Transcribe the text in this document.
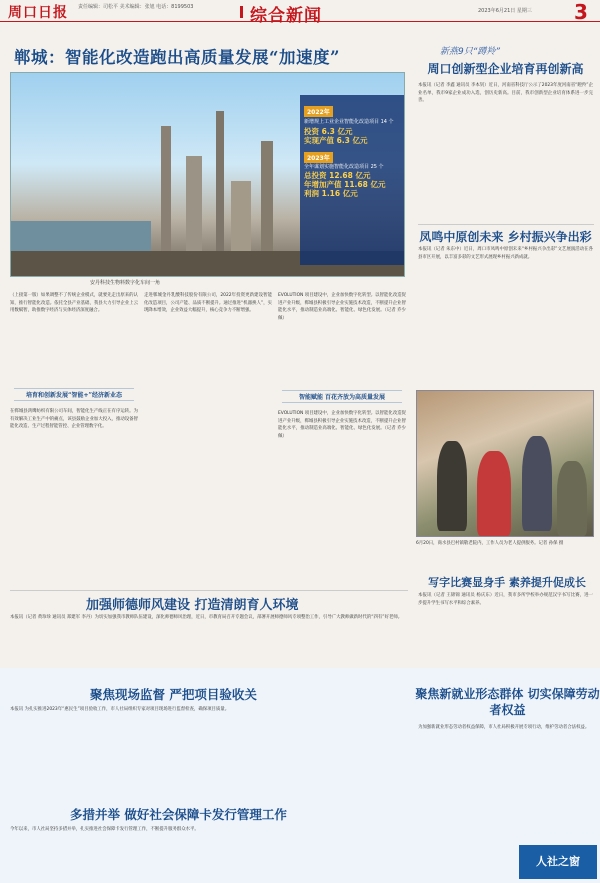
周口日报 责任编辑：司松平 美术编辑：张旭 电话：8199503	综合新闻	2023年6月21日 星期三 3
郸城：智能化改造跑出高质量发展“加速度”
安丹科技生物料数字化车间一角
2022年
新增规上工业企业智能化改造项目 14 个
投资 6.3 亿元
实现产值 6.3 亿元
2023年
全年谋划实施智能化改造项目 25 个
总投资 12.68 亿元
年增加产值 11.68 亿元
利润 1.16 亿元
（上接第一版）如果调整不了传统企业模式，就要先走出原来的认知，推行智能化改造。依托全县产业基础，我县大力引导企业上云用数赋智，助推数字经济与实体经济深度融合。
培育和创新发展“智能+”经济新业态
在郸城县鸿鹰纺织有限公司车间，智能化生产线正在有序运转。为有效解决工业生产中的痛点，该县鼓励企业加大投入，推动设备智能化改造、生产过程智能管控、企业管理数字化。
走进郸城金丹乳酸科技股份有限公司，2022年投资更新建设智能化改造项目，公司产能、品质不断提升。通过推进“机器换人”，实现降本增效，企业效益大幅提升，核心竞争力不断增强。
EVOLUTION 项目建设中，企业加快数字化转型。以智能化改造促进产业升级，郸城县积极引导企业实施技术改造，不断提升企业智能化水平，推动制造业高端化、智能化、绿色化发展。（记者 乔少佩）
智能赋能 百花齐放为高质量发展
EVOLUTION 项目建设中，企业加快数字化转型。以智能化改造促进产业升级，郸城县积极引导企业实施技术改造，不断提升企业智能化水平，推动制造业高端化、智能化、绿色化发展。（记者 乔少佩）
新燕9只“蹲羚”
周口创新型企业培育再创新高
本报讯（记者 李鑫 通讯员 李本钊）近日，河南省科技厅公示了2023年度河南省“瞪羚”企业名单，我市9家企业成功入选，创历史新高。目前，我市创新型企业培育体系进一步完善。
凤鸣中原创未来 乡村振兴争出彩
本报讯（记者 朱东中）近日，周口市凤鸣中原创未来“乡村振兴争出彩”文艺展演活动在各县市区开展，以丰富多彩的文艺形式展现乡村振兴新成就。
6月20日，商水县巴村镇敬老院内，工作人员为老人提供服务。记者 孙保 摄
写字比赛显身手 素养提升促成长
本报讯（记者 王锦锦 通讯员 杨庆东）近日，我市多所学校举办规范汉字书写比赛，进一步提升学生书写水平和综合素养。
加强师德师风建设 打造清朗育人环境
本报讯（记者 黄珍珍 通讯员 郑建军 李丹）为切实加强我市教师队伍建设，深化师德师风治理，近日，市教育局召开专题会议，部署开展师德师风专项整治工作，引导广大教师做新时代的“四有”好老师。
聚焦现场监督 严把项目验收关
本报讯 为扎实推进2023年“惠民生”项目验收工作，市人社局组织专家对项目现场进行监督检查，确保项目质量。
多措并举 做好社会保障卡发行管理工作
今年以来，市人社局坚持多措并举，扎实推进社会保障卡发行管理工作，不断提升服务群众水平。
聚焦新就业形态群体 切实保障劳动者权益
为加强新就业形态劳动者权益保障，市人社局积极开展专项行动，维护劳动者合法权益。
人社之窗
